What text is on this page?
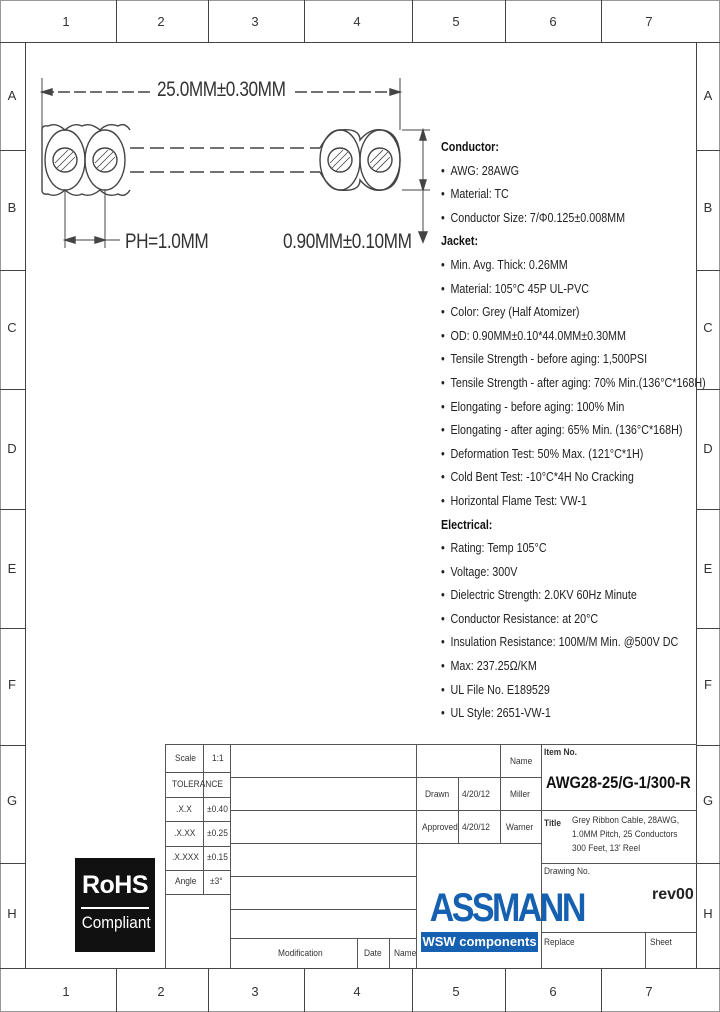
1	2	3	4	5	6	7
1	2	3	4	5	6	7
A
B
C
D
E
F
G
H
A
B
C
D
E
F
G
H
25.0MM±0.30MM
PH=1.0MM	0.90MM±0.10MM
Conductor:
• AWG: 28AWG
• Material: TC
• Conductor Size: 7/Φ0.125±0.008MM
Jacket:
• Min. Avg. Thick: 0.26MM
• Material: 105°C 45P UL-PVC
• Color: Grey (Half Atomizer)
• OD: 0.90MM±0.10*44.0MM±0.30MM
• Tensile Strength - before aging: 1,500PSI
• Tensile Strength - after aging: 70% Min.(136°C*168H)
• Elongating - before aging: 100% Min
• Elongating - after aging: 65% Min. (136°C*168H)
• Deformation Test: 50% Max. (121°C*1H)
• Cold Bent Test: -10°C*4H No Cracking
• Horizontal Flame Test: VW-1
Electrical:
• Rating: Temp 105°C
• Voltage: 300V
• Dielectric Strength: 2.0KV 60Hz Minute
• Conductor Resistance: at 20°C
• Insulation Resistance: 100M/M Min. @500V DC
• Max: 237.25Ω/KM
• UL File No. E189529
• UL Style: 2651-VW-1
Scale 1:1
TOLERANCE
.X.X ±0.40
.X.XX ±0.25
.X.XXX ±0.15
Angle ±3°
Name
Drawn 4/20/12 Miller
Approved 4/20/12 Warner
Item No.
AWG28-25/G-1/300-R
Title Grey Ribbon Cable, 28AWG,
1.0MM Pitch, 25 Conductors
300 Feet, 13' Reel
Drawing No.
rev00
Replace	Sheet
Modification	Date Name
RoHS
Compliant	ASSMANN
WSW components
